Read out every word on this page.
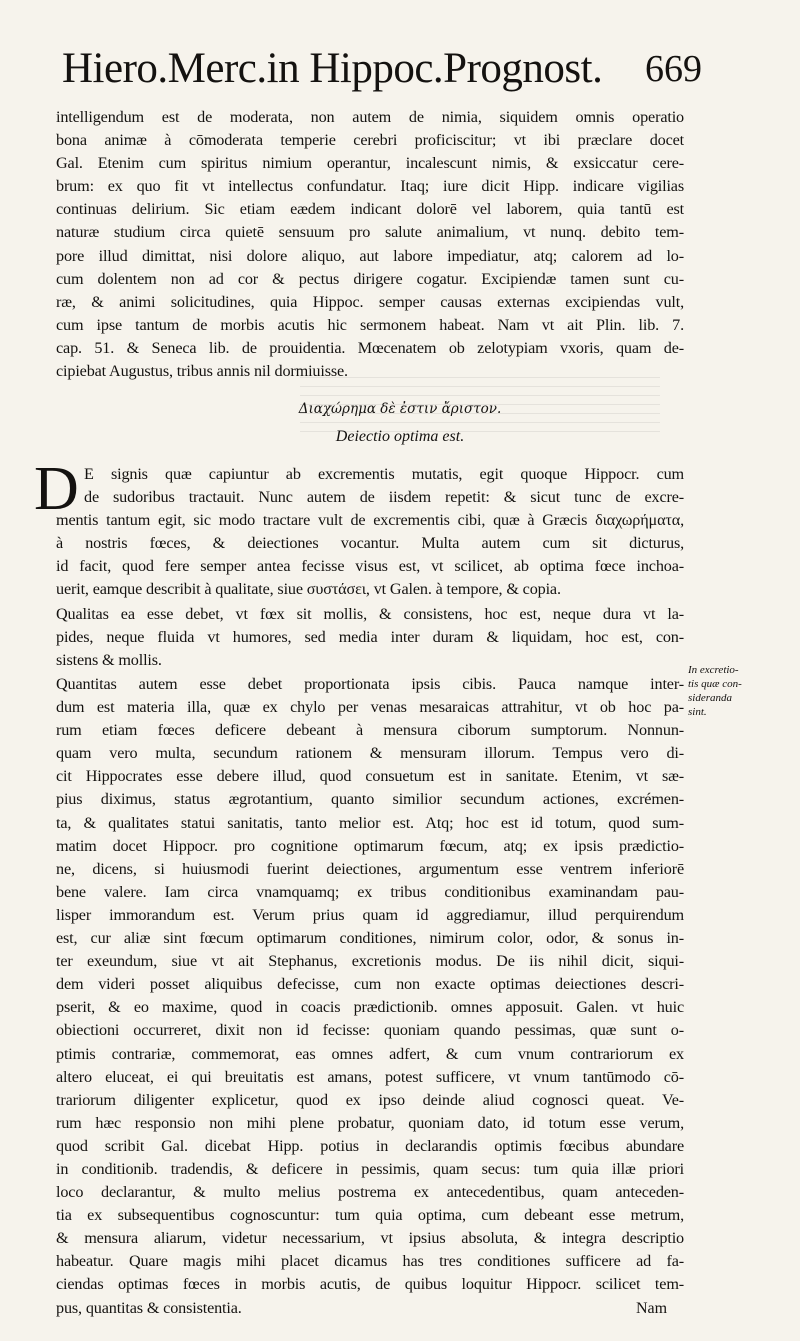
Hiero.Merc.in Hippoc.Prognost. 669
intelligendum est de moderata, non autem de nimia, siquidem omnis operatio
bona animæ à cōmoderata temperie cerebri proficiscitur; vt ibi præclare docet
Gal. Etenim cum spiritus nimium operantur, incalescunt nimis, & exsiccatur cere-
brum: ex quo fit vt intellectus confundatur. Itaq; iure dicit Hipp. indicare vigilias
continuas delirium. Sic etiam eædem indicant dolorē vel laborem, quia tantū est
naturæ studium circa quietē sensuum pro salute animalium, vt nunq. debito tem-
pore illud dimittat, nisi dolore aliquo, aut labore impediatur, atq; calorem ad lo-
cum dolentem non ad cor & pectus dirigere cogatur. Excipiendæ tamen sunt cu-
ræ, & animi solicitudines, quia Hippoc. semper causas externas excipiendas vult,
cum ipse tantum de morbis acutis hic sermonem habeat. Nam vt ait Plin. lib. 7.
cap. 51. & Seneca lib. de prouidentia. Mœcenatem ob zelotypiam vxoris, quam de-
cipiebat Augustus, tribus annis nil dormiuisse.
Διαχώρημα δὲ ἐστιν ἄριστον.
Deiectio optima est.
D E signis quæ capiuntur ab excrementis mutatis, egit quoque Hippocr. cum
de sudoribus tractauit. Nunc autem de iisdem repetit: & sicut tunc de excre-
mentis tantum egit, sic modo tractare vult de excrementis cibi, quæ à Græcis διαχωρήματα,
à nostris fœces, & deiectiones vocantur. Multa autem cum sit dicturus,
id facit, quod fere semper antea fecisse visus est, vt scilicet, ab optima fœce inchoa-
uerit, eamque describit à qualitate, siue συστάσει, vt Galen. à tempore, & copia.
Qualitas ea esse debet, vt fœx sit mollis, & consistens, hoc est, neque dura vt la-
pides, neque fluida vt humores, sed media inter duram & liquidam, hoc est, con-
sistens & mollis.
Quantitas autem esse debet proportionata ipsis cibis. Pauca namque inter-
dum est materia illa, quæ ex chylo per venas mesaraicas attrahitur, vt ob hoc pa-
rum etiam fœces deficere debeant à mensura ciborum sumptorum. Nonnun-
quam vero multa, secundum rationem & mensuram illorum. Tempus vero di-
cit Hippocrates esse debere illud, quod consuetum est in sanitate. Etenim, vt sæ-
pius diximus, status ægrotantium, quanto similior secundum actiones, excrémen-
ta, & qualitates statui sanitatis, tanto melior est. Atq; hoc est id totum, quod sum-
matim docet Hippocr. pro cognitione optimarum fœcum, atq; ex ipsis prædictio-
ne, dicens, si huiusmodi fuerint deiectiones, argumentum esse ventrem inferiorē
bene valere. Iam circa vnamquamq; ex tribus conditionibus examinandam pau-
lisper immorandum est. Verum prius quam id aggrediamur, illud perquirendum
est, cur aliæ sint fœcum optimarum conditiones, nimirum color, odor, & sonus in-
ter exeundum, siue vt ait Stephanus, excretionis modus. De iis nihil dicit, siqui-
dem videri posset aliquibus defecisse, cum non exacte optimas deiectiones descri-
pserit, & eo maxime, quod in coacis prædictionib. omnes apposuit. Galen. vt huic
obiectioni occurreret, dixit non id fecisse: quoniam quando pessimas, quæ sunt o-
ptimis contrariæ, commemorat, eas omnes adfert, & cum vnum contrariorum ex
altero eluceat, ei qui breuitatis est amans, potest sufficere, vt vnum tantūmodo cō-
trariorum diligenter explicetur, quod ex ipso deinde aliud cognosci queat. Ve-
rum hæc responsio non mihi plene probatur, quoniam dato, id totum esse verum,
quod scribit Gal. dicebat Hipp. potius in declarandis optimis fœcibus abundare
in conditionib. tradendis, & deficere in pessimis, quam secus: tum quia illæ priori
loco declarantur, & multo melius postrema ex antecedentibus, quam anteceden-
tia ex subsequentibus cognoscuntur: tum quia optima, cum debeant esse metrum,
& mensura aliarum, videtur necessarium, vt ipsius absoluta, & integra descriptio
habeatur. Quare magis mihi placet dicamus has tres conditiones sufficere ad fa-
ciendas optimas fœces in morbis acutis, de quibus loquitur Hippocr. scilicet tem-
pus, quantitas & consistentia.
In excretio-
tis quæ con-
sideranda
sint.
Nam
